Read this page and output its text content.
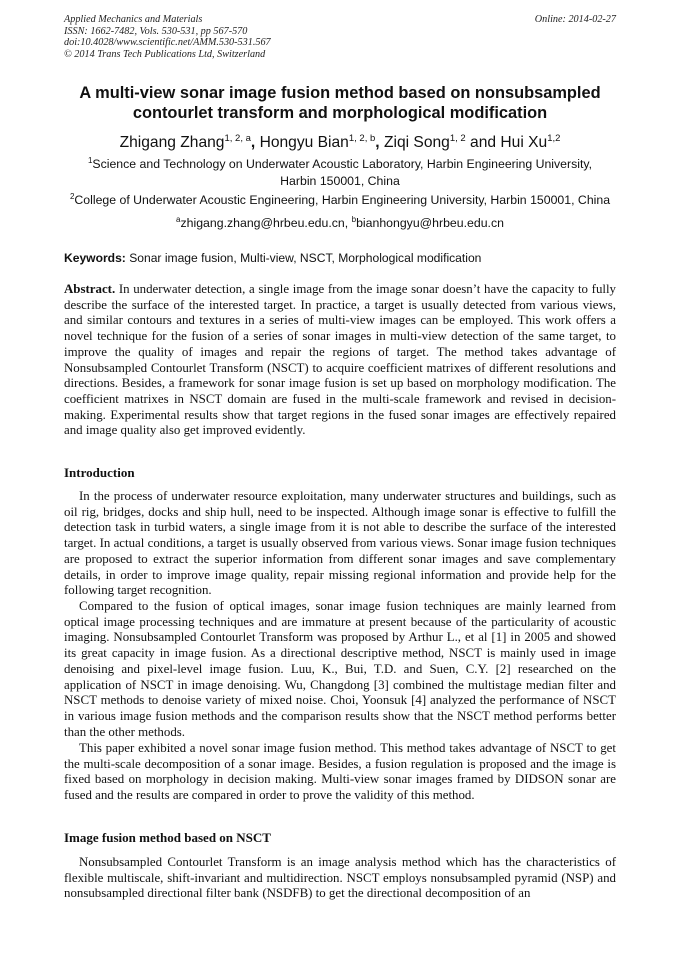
Applied Mechanics and Materials
ISSN: 1662-7482, Vols. 530-531, pp 567-570
doi:10.4028/www.scientific.net/AMM.530-531.567
© 2014 Trans Tech Publications Ltd, Switzerland
Online: 2014-02-27
A multi-view sonar image fusion method based on nonsubsampled
contourlet transform and morphological modification
Zhigang Zhang$^{1, 2, a}$, Hongyu Bian$^{1, 2, b}$, Ziqi Song$^{1, 2}$ and Hui Xu$^{1,2}$
$^1$Science and Technology on Underwater Acoustic Laboratory, Harbin Engineering University,
Harbin 150001, China
$^2$College of Underwater Acoustic Engineering, Harbin Engineering University, Harbin 150001, China
$^a$zhigang.zhang@hrbeu.edu.cn, $^b$bianhongyu@hrbeu.edu.cn
Keywords: Sonar image fusion, Multi-view, NSCT, Morphological modification

Abstract. In underwater detection, a single image from the image sonar doesn’t have the capacity to fully describe the surface of the interested target. In practice, a target is usually detected from various views, and similar contours and textures in a series of multi-view images can be employed. This work offers a novel technique for the fusion of a series of sonar images in multi-view detection of the same target, to improve the quality of images and repair the regions of target. The method takes advantage of Nonsubsampled Contourlet Transform (NSCT) to acquire coefficient matrixes of different resolutions and directions. Besides, a framework for sonar image fusion is set up based on morphology modification. The coefficient matrixes in NSCT domain are fused in the multi-scale framework and revised in decision-making. Experimental results show that target regions in the fused sonar images are effectively repaired and image quality also get improved evidently.

Introduction

In the process of underwater resource exploitation, many underwater structures and buildings, such as oil rig, bridges, docks and ship hull, need to be inspected. Although image sonar is effective to fulfill the detection task in turbid waters, a single image from it is not able to describe the surface of the interested target. In actual conditions, a target is usually observed from various views. Sonar image fusion techniques are proposed to extract the superior information from different sonar images and save complementary details, in order to improve image quality, repair missing regional information and provide help for the following target recognition.

Compared to the fusion of optical images, sonar image fusion techniques are mainly learned from optical image processing techniques and are immature at present because of the particularity of acoustic imaging. Nonsubsampled Contourlet Transform was proposed by Arthur L., et al [1] in 2005 and showed its great capacity in image fusion. As a directional descriptive method, NSCT is mainly used in image denoising and pixel-level image fusion. Luu, K., Bui, T.D. and Suen, C.Y. [2] researched on the application of NSCT in image denoising. Wu, Changdong [3] combined the multistage median filter and NSCT methods to denoise variety of mixed noise. Choi, Yoonsuk [4] analyzed the performance of NSCT in various image fusion methods and the comparison results show that the NSCT method performs better than the other methods.

This paper exhibited a novel sonar image fusion method. This method takes advantage of NSCT to get the multi-scale decomposition of a sonar image. Besides, a fusion regulation is proposed and the image is fixed based on morphology in decision making. Multi-view sonar images framed by DIDSON sonar are fused and the results are compared in order to prove the validity of this method.

Image fusion method based on NSCT

Nonsubsampled Contourlet Transform is an image analysis method which has the characteristics of flexible multiscale, shift-invariant and multidirection. NSCT employs nonsubsampled pyramid (NSP) and nonsubsampled directional filter bank (NSDFB) to get the directional decomposition of an
